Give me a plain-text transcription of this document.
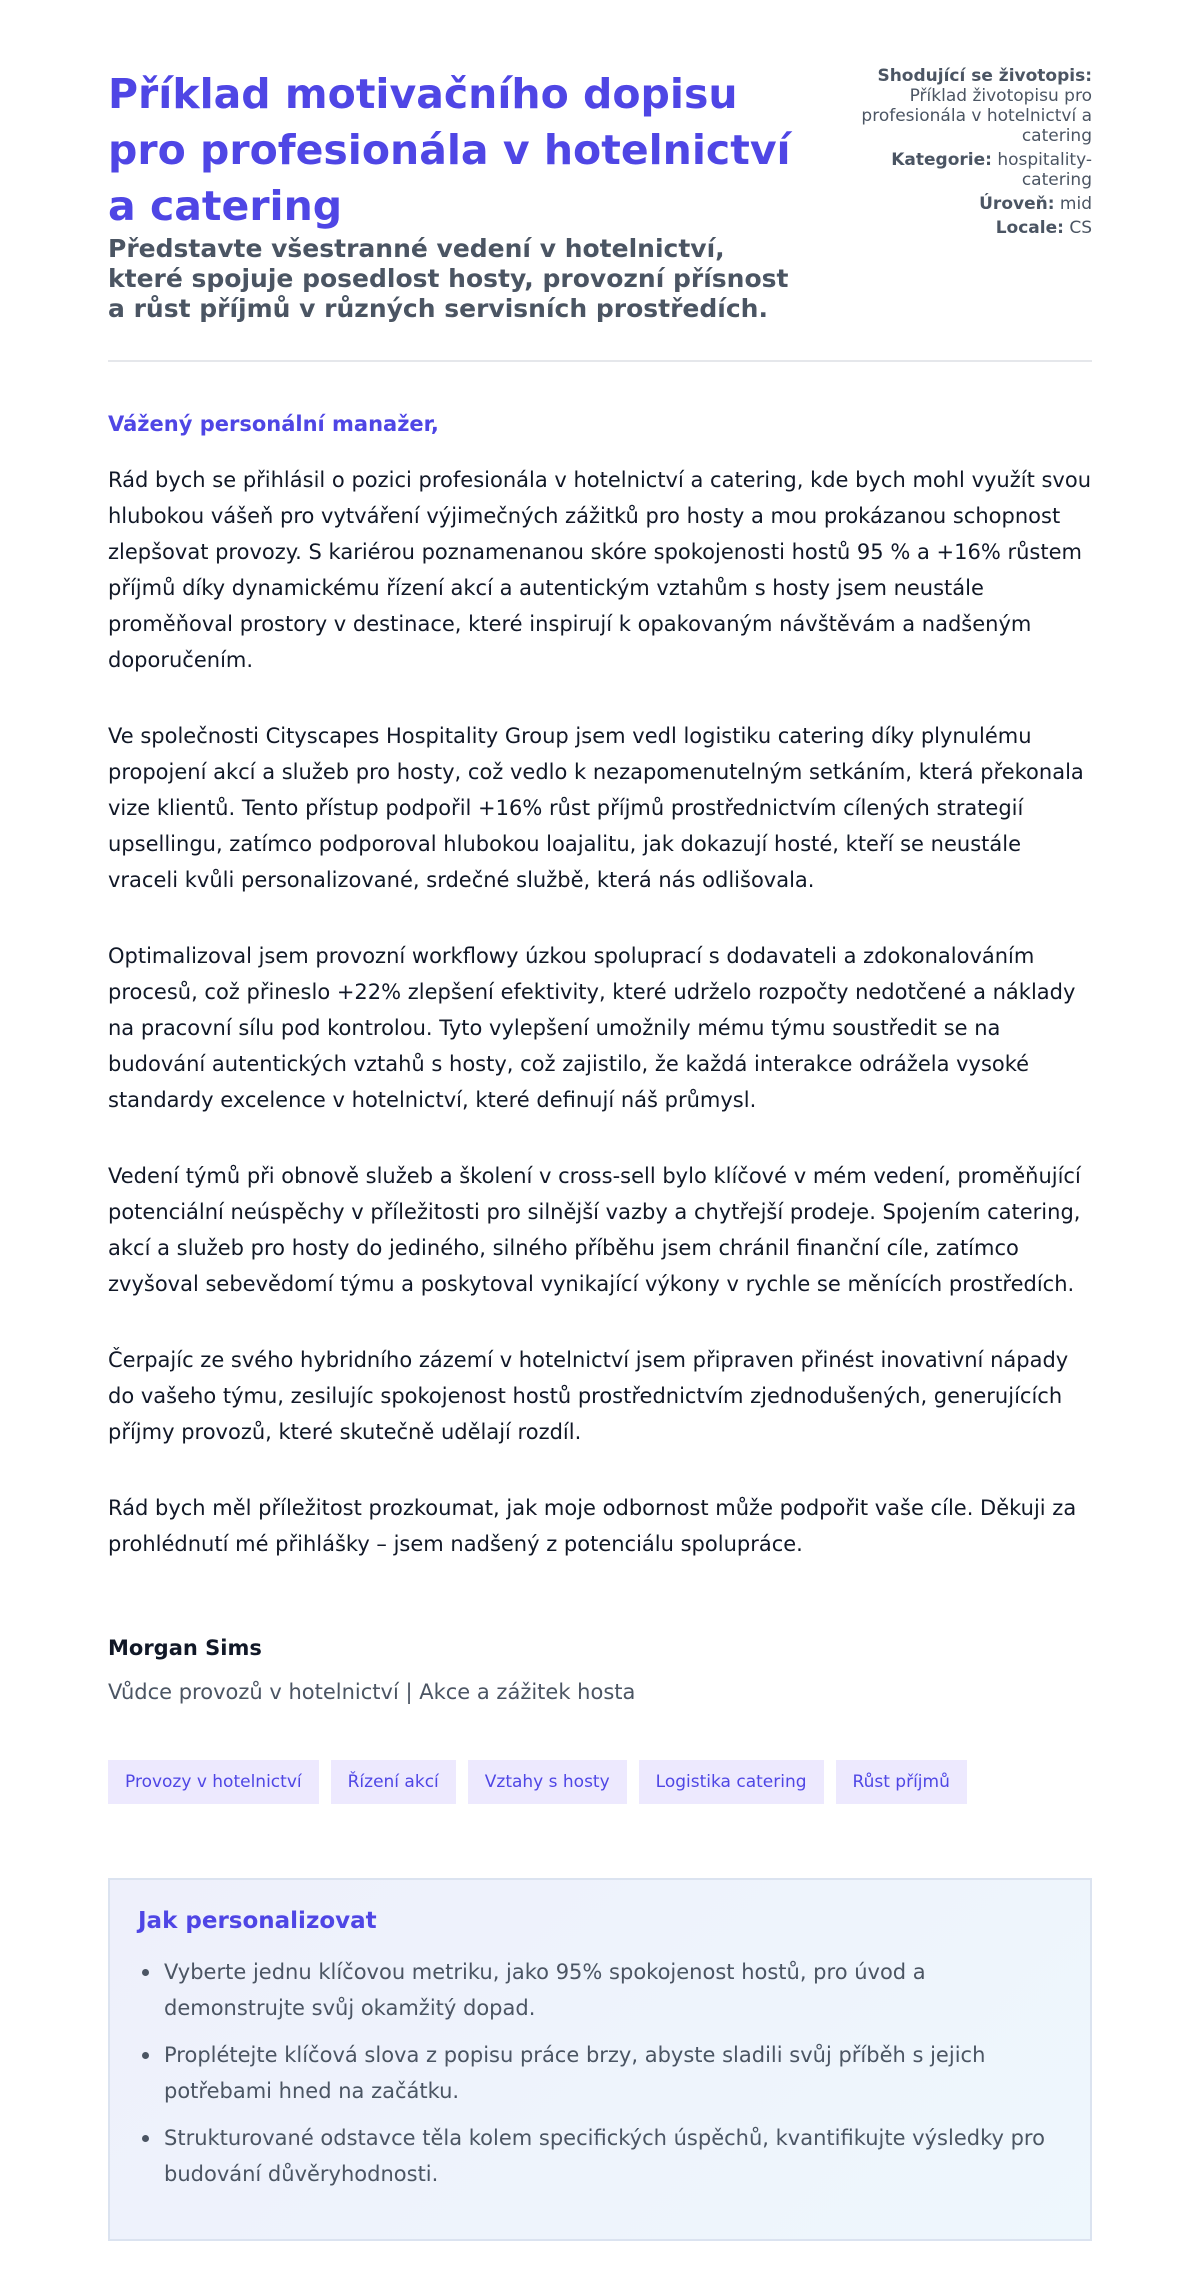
Příklad motivačního dopisu pro profesionála v hotelnictví a catering
Představte všestranné vedení v hotelnictví, které spojuje posedlost hosty, provozní přísnost a růst příjmů v různých servisních prostředích.
Shodující se životopis: Příklad životopisu pro profesionála v hotelnictví a catering
Kategorie: hospitality-catering
Úroveň: mid
Locale: CS

Vážený personální manažer,

Rád bych se přihlásil o pozici profesionála v hotelnictví a catering, kde bych mohl využít svou hlubokou vášeň pro vytváření výjimečných zážitků pro hosty a mou prokázanou schopnost zlepšovat provozy. S kariérou poznamenanou skóre spokojenosti hostů 95 % a +16% růstem příjmů díky dynamickému řízení akcí a autentickým vztahům s hosty jsem neustále proměňoval prostory v destinace, které inspirují k opakovaným návštěvám a nadšeným doporučením.

Ve společnosti Cityscapes Hospitality Group jsem vedl logistiku catering díky plynulému propojení akcí a služeb pro hosty, což vedlo k nezapomenutelným setkáním, která překonala vize klientů. Tento přístup podpořil +16% růst příjmů prostřednictvím cílených strategií upsellingu, zatímco podporoval hlubokou loajalitu, jak dokazují hosté, kteří se neustále vraceli kvůli personalizované, srdečné službě, která nás odlišovala.

Optimalizoval jsem provozní workflowy úzkou spoluprací s dodavateli a zdokonalováním procesů, což přineslo +22% zlepšení efektivity, které udrželo rozpočty nedotčené a náklady na pracovní sílu pod kontrolou. Tyto vylepšení umožnily mému týmu soustředit se na budování autentických vztahů s hosty, což zajistilo, že každá interakce odrážela vysoké standardy excelence v hotelnictví, které definují náš průmysl.

Vedení týmů při obnově služeb a školení v cross-sell bylo klíčové v mém vedení, proměňující potenciální neúspěchy v příležitosti pro silnější vazby a chytřejší prodeje. Spojením catering, akcí a služeb pro hosty do jediného, silného příběhu jsem chránil finanční cíle, zatímco zvyšoval sebevědomí týmu a poskytoval vynikající výkony v rychle se měnících prostředích.

Čerpajíc ze svého hybridního zázemí v hotelnictví jsem připraven přinést inovativní nápady do vašeho týmu, zesilujíc spokojenost hostů prostřednictvím zjednodušených, generujících příjmy provozů, které skutečně udělají rozdíl.

Rád bych měl příležitost prozkoumat, jak moje odbornost může podpořit vaše cíle. Děkuji za prohlédnutí mé přihlášky – jsem nadšený z potenciálu spolupráce.

Morgan Sims

Vůdce provozů v hotelnictví | Akce a zážitek hosta

Provozy v hotelnictví	Řízení akcí	Vztahy s hosty	Logistika catering	Růst příjmů
Jak personalizovat
Vyberte jednu klíčovou metriku, jako 95% spokojenost hostů, pro úvod a demonstrujte svůj okamžitý dopad.
Proplétejte klíčová slova z popisu práce brzy, abyste sladili svůj příběh s jejich potřebami hned na začátku.
Strukturované odstavce těla kolem specifických úspěchů, kvantifikujte výsledky pro budování důvěryhodnosti.
